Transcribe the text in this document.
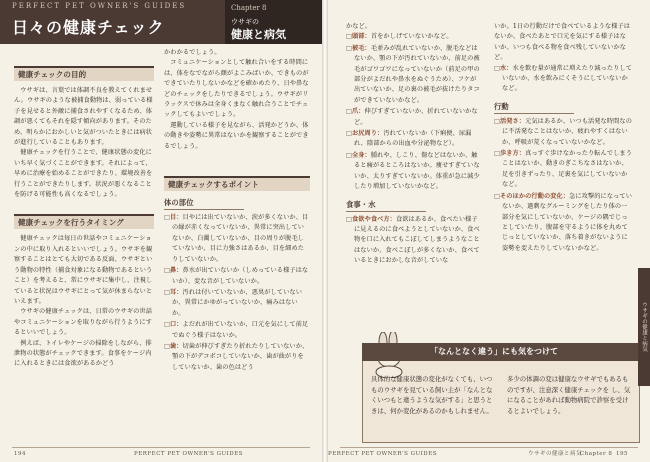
PERFECT PET OWNER'S GUIDES
日々の健康チェック
Chapter 8
ウサギの
健康と病気
健康チェックの目的

ウサギは、言葉では体調不良を教えてくれません。ウサギのような被捕食動物は、弱っている様子を見せると外敵に捕食されやすくなるため、体調が悪くてもそれを隠す傾向があります。そのため、明らかにおかしいと気がついたときには病状が進行していることもあります。

健康チェックを行うことで、健康状態の変化にいち早く気づくことができます。それによって、早めに治療を始めることができたり、環境改善を行うことができたりします。状況が悪くなることを防げる可能性も高くなるでしょう。

健康チェックを行うタイミング

健康チェックは毎日の世話やコミュニケーションの中に取り入れるといいでしょう。ウサギを観察することはとても大切である反面、ウサギという動物の特性（捕食対象になる動物であるということ）を考えると、常にウサギに集中し、注視していると状況はウサギにとって気が休まらないといえます。

ウサギの健康チェックは、日常のウサギの世話やコミュニケーションを取りながら行うようにするといいでしょう。

例えば、トイレやケージの掃除をしながら、排泄物の状態がチェックできます。食事をケージ内に入れるときには食欲があるかどう

かわかるでしょう。

コミュニケーションとして触れ合いをする時間には、体をなでながら顔がよこみばいか、できものができていたりしないかなどを確かめたり、日や鼻などのチェックをしたりできるでしょう。ウサギがリラックスで休みは全身くまなく触れ合うことでチェックしてもよいでしょう。

運動している様子を見ながら、活発かどうか、体の動きや姿勢に異常はないかを観察することができるでしょう。

健康チェックするポイント
体の部位
□目：目やには出ていないか、涙が多くないか、目の縁が赤くなっていないか、異常に突出していないか、白濁していないか、目の周りが脱毛していないか、目に力強さはあるか、目を細めたりしていないか。
□鼻：鼻水が出ていないか（しめっている様子はないか）、変な音がしていないか。
□耳：汚れは付いていないか、悪臭がしていないか、異常にかゆがっていないか、痛みはないか。
□口：よだれが出ていないか、口元を気にして前足でぬぐう様子はないか。
□歯：切歯が伸びすぎたり折れたりしていないか、顎の下がデコボコしていないか、歯が曲がりをしていないか、歯の色はどう
194	PERFECT PET OWNER'S GUIDES

かなど。

□頭部：首をかしげていないかなど。
□被毛：毛並みが乱れていないか、脱毛などはないか、顎の下が汚れていないか、前足の被毛がゴワゴワになっていないか（前足の甲の部分がよだれや鼻水をぬぐうため）、フケが出ていないか、足の裏の被毛が抜けたりタコができていないかなど。
□爪：伸びすぎていないか、折れていないかなど。
□お尻周り：汚れていないか（下痢便、尿漏れ、陰部からの出血や分泌物など）。
□全身：腫れや、しこり、傷などはないか、触ると痛がるところはないか。痩せすぎていないか、太りすぎていないか。体重が急に減少したり増加していないかなど。
食事・水
□食欲や食べ方：食欲はあるか、食べたい様子に見えるのに食べようとしていないか、食べ物を口に入れてもこぼしてしまうようなことはないか、食べこぼしが多くないか、食べているときにおかしな音がしていな

いか。1日の行動だけで食べているような様子はないか、食べたあとで口元を気にする様子はないか、いつも食べる物を食べ残していないかなど。

□水：水を飲む量が通常に増えたり減ったりしていないか、水を飲みにくそうにしていないかなど。
行動
□活発さ：元気はあるか、いつも活発な時間なのに不活発なことはないか、疲れやすくはないか、呼吸が荒くなっていないかなど。
□歩き方：真っすぐ歩けなかったり転んでしまうことはないか、動きのぎこちなさはないか、足を引きずったり、足裏を気にしていないかなど。
□そのほかの行動の変化：急に攻撃的になっていないか、過剰なグルーミングをしたり体の一部分を気にしていないか、ケージの隅でじっとしていたり、腹部を守るように体を丸めてじっとしていないか、落ち着きがないように姿勢を変えたりしていないかなど。
「なんとなく違う」にも気をつけて
具体的な健康状態の変化がなくても、いつものウサギを見ている飼い主が「なんとなくいつもと違うような気がする」と思うときは、何か変化があるのかもしれません。多少の体調の変は健康なウサギでもあるものですが、注意深く健康チェックを し、気になることがあれば動物病院で診察を受けるとよいでしょう。
ウサギの健康と病気
PERFECT PET OWNER'S GUIDES	ウサギの健康と病気
Chapter 8 195
